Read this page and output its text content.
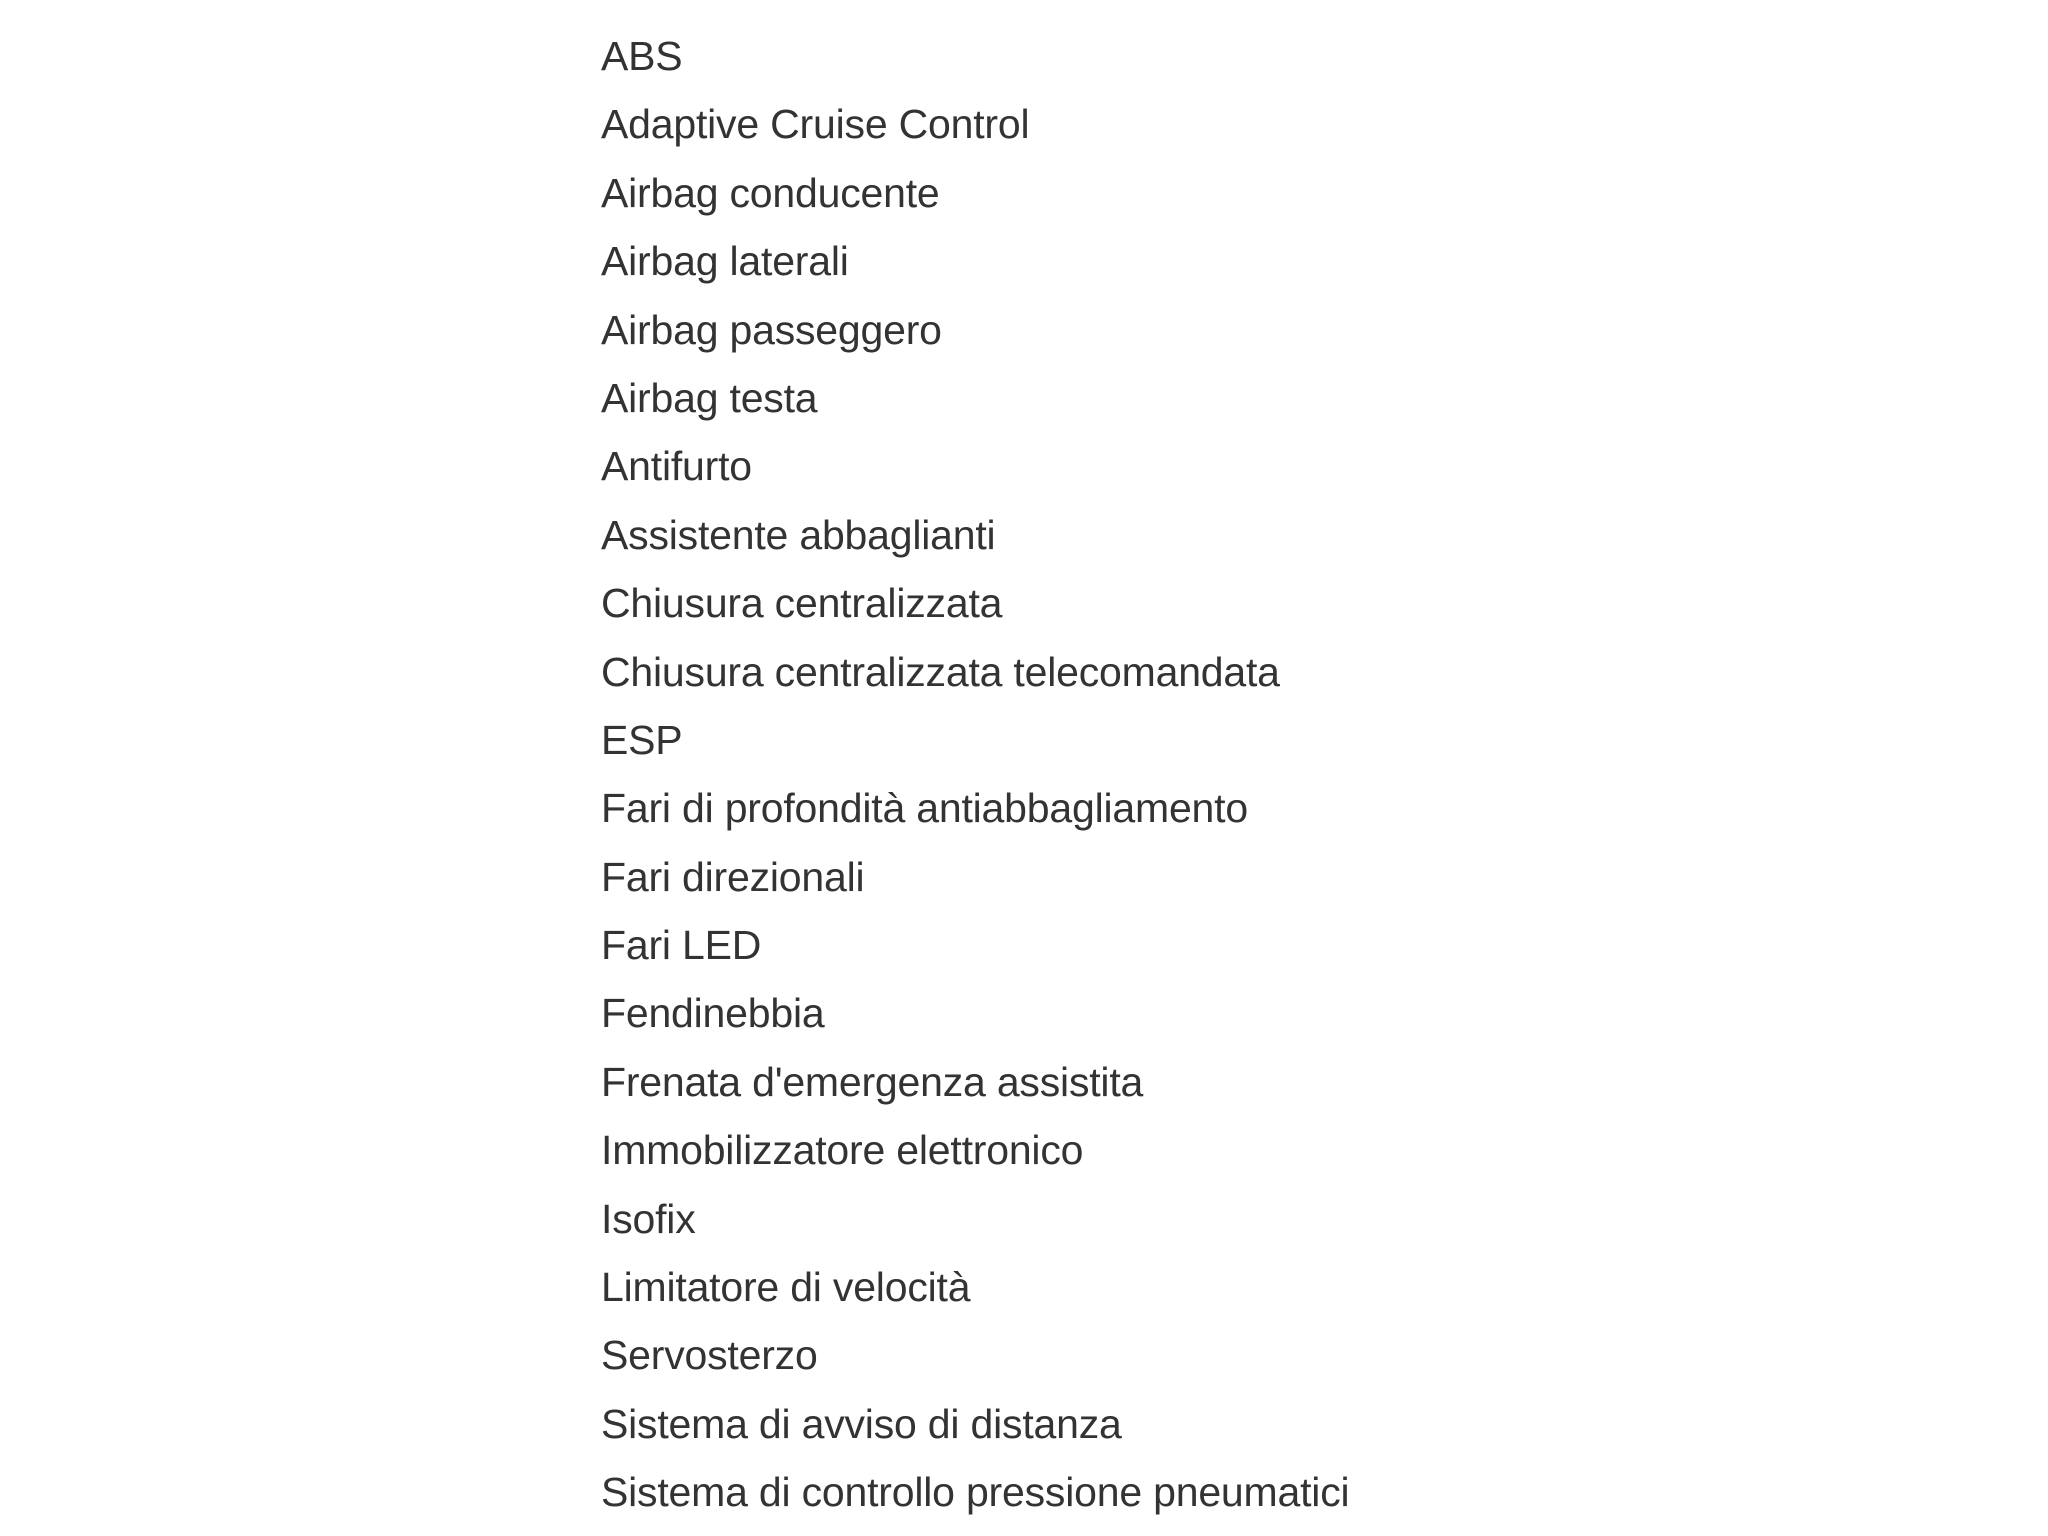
ABS
Adaptive Cruise Control
Airbag conducente
Airbag laterali
Airbag passeggero
Airbag testa
Antifurto
Assistente abbaglianti
Chiusura centralizzata
Chiusura centralizzata telecomandata
ESP
Fari di profondità antiabbagliamento
Fari direzionali
Fari LED
Fendinebbia
Frenata d'emergenza assistita
Immobilizzatore elettronico
Isofix
Limitatore di velocità
Servosterzo
Sistema di avviso di distanza
Sistema di controllo pressione pneumatici
